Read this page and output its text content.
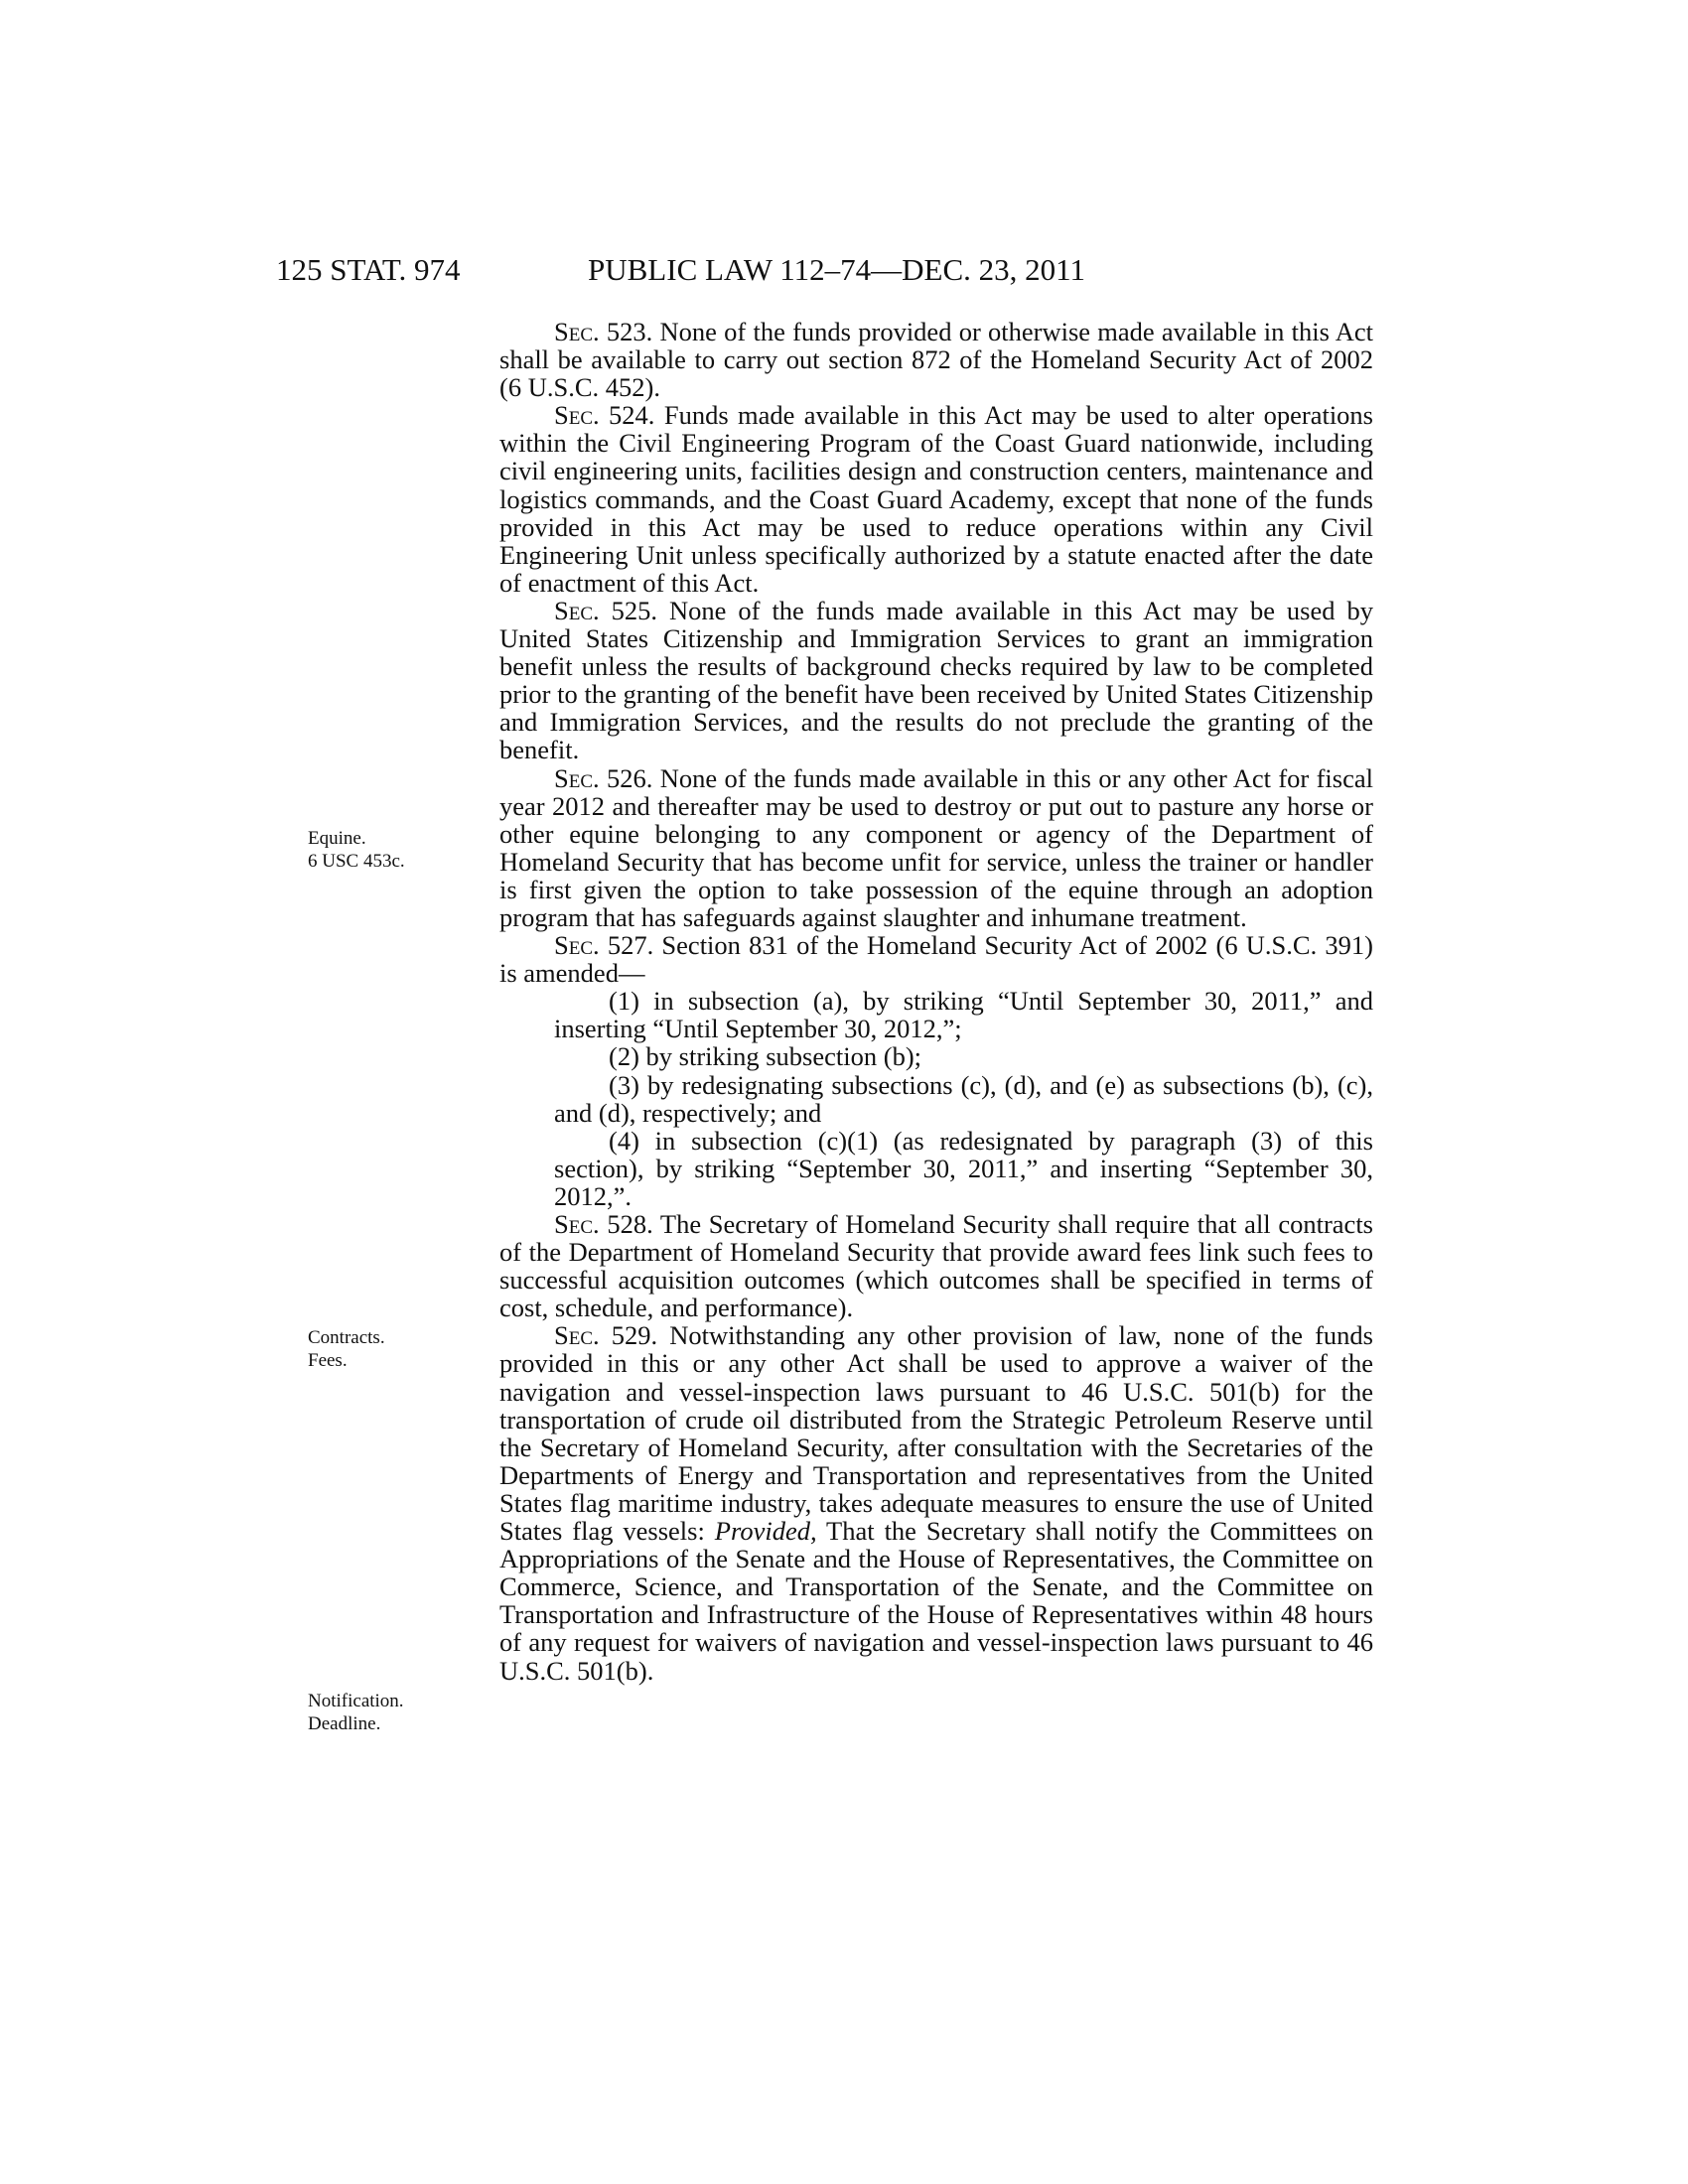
125 STAT. 974	PUBLIC LAW 112–74—DEC. 23, 2011
Equine.
6 USC 453c.
Contracts.
Fees.
Notification.
Deadline.

Sec. 523. None of the funds provided or otherwise made available in this Act shall be available to carry out section 872 of the Homeland Security Act of 2002 (6 U.S.C. 452).

Sec. 524. Funds made available in this Act may be used to alter operations within the Civil Engineering Program of the Coast Guard nationwide, including civil engineering units, facilities design and construction centers, maintenance and logistics commands, and the Coast Guard Academy, except that none of the funds provided in this Act may be used to reduce operations within any Civil Engineering Unit unless specifically authorized by a statute enacted after the date of enactment of this Act.

Sec. 525. None of the funds made available in this Act may be used by United States Citizenship and Immigration Services to grant an immigration benefit unless the results of background checks required by law to be completed prior to the granting of the benefit have been received by United States Citizenship and Immigration Services, and the results do not preclude the granting of the benefit.

Sec. 526. None of the funds made available in this or any other Act for fiscal year 2012 and thereafter may be used to destroy or put out to pasture any horse or other equine belonging to any component or agency of the Department of Homeland Security that has become unfit for service, unless the trainer or handler is first given the option to take possession of the equine through an adoption program that has safeguards against slaughter and inhumane treatment.

Sec. 527. Section 831 of the Homeland Security Act of 2002 (6 U.S.C. 391) is amended—

(1) in subsection (a), by striking “Until September 30, 2011,” and inserting “Until September 30, 2012,”;

(2) by striking subsection (b);

(3) by redesignating subsections (c), (d), and (e) as subsections (b), (c), and (d), respectively; and

(4) in subsection (c)(1) (as redesignated by paragraph (3) of this section), by striking “September 30, 2011,” and inserting “September 30, 2012,”.

Sec. 528. The Secretary of Homeland Security shall require that all contracts of the Department of Homeland Security that provide award fees link such fees to successful acquisition outcomes (which outcomes shall be specified in terms of cost, schedule, and performance).

Sec. 529. Notwithstanding any other provision of law, none of the funds provided in this or any other Act shall be used to approve a waiver of the navigation and vessel-inspection laws pursuant to 46 U.S.C. 501(b) for the transportation of crude oil distributed from the Strategic Petroleum Reserve until the Secretary of Homeland Security, after consultation with the Secretaries of the Departments of Energy and Transportation and representatives from the United States flag maritime industry, takes adequate measures to ensure the use of United States flag vessels: Provided, That the Secretary shall notify the Committees on Appropriations of the Senate and the House of Representatives, the Committee on Commerce, Science, and Transportation of the Senate, and the Committee on Transportation and Infrastructure of the House of Representatives within 48 hours of any request for waivers of navigation and vessel-inspection laws pursuant to 46 U.S.C. 501(b).
